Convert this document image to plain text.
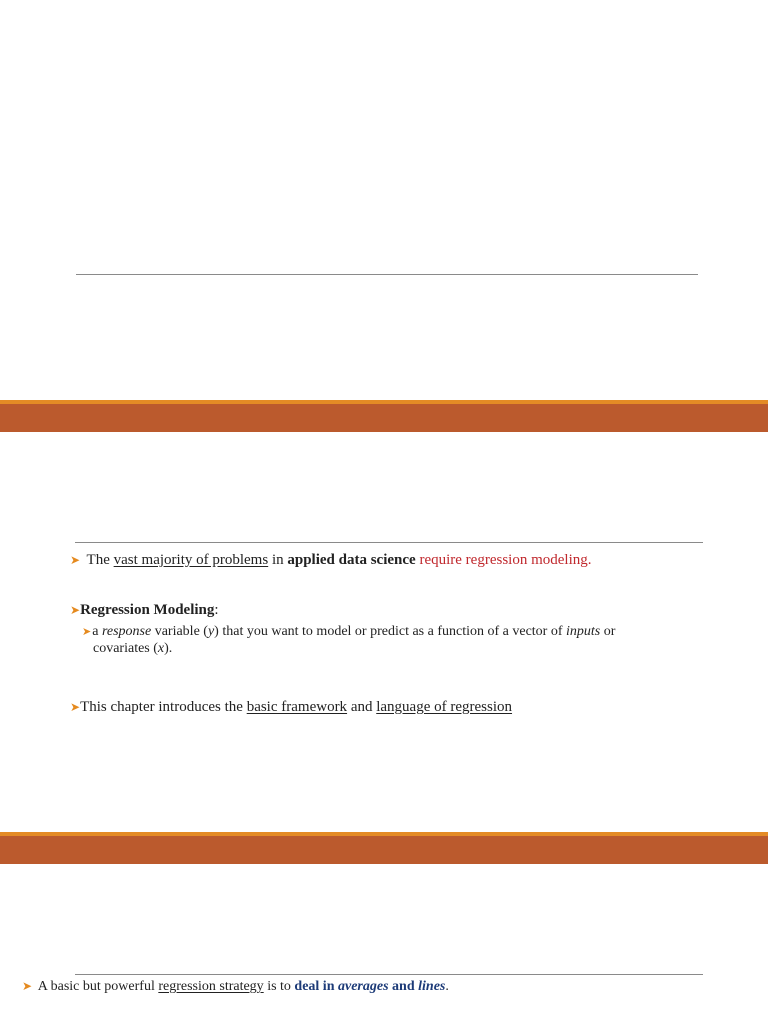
➤ The vast majority of problems in applied data science require regression modeling.
➤Regression Modeling:
➤a response variable (y) that you want to model or predict as a function of a vector of inputs or
covariates (x).
➤This chapter introduces the basic framework and language of regression
➤ A basic but powerful regression strategy is to deal in averages and lines.
